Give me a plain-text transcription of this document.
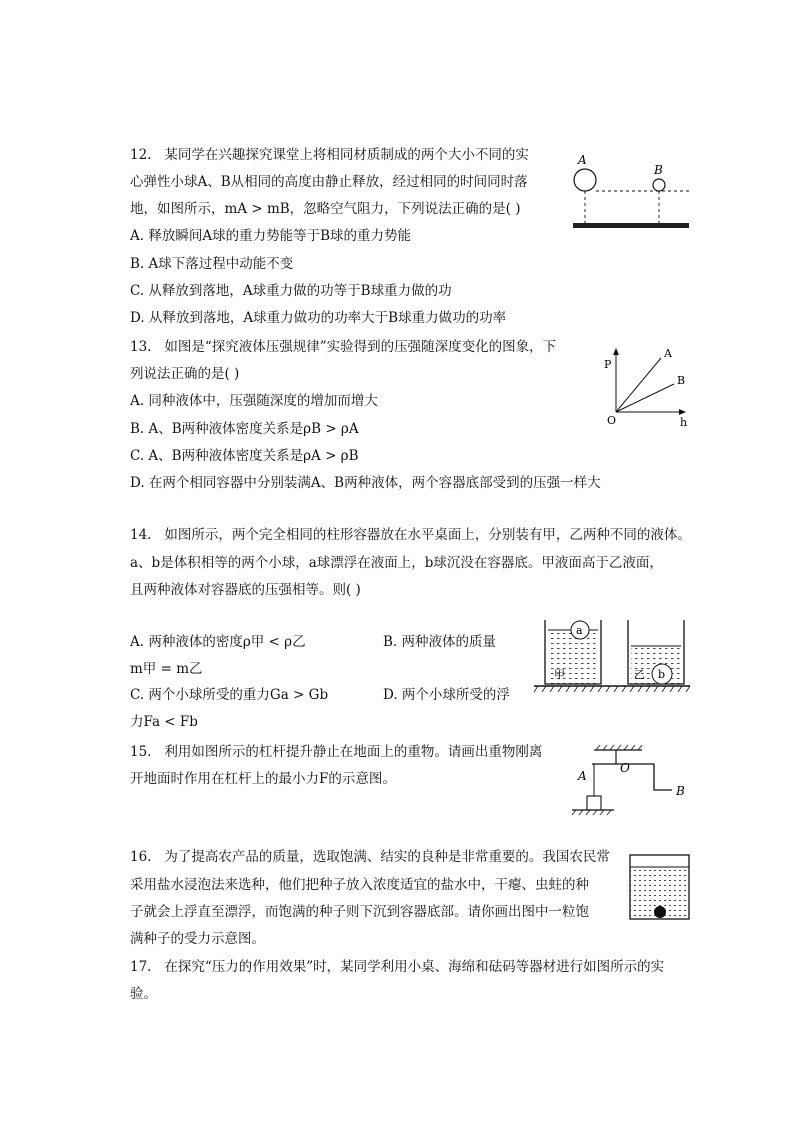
12. 某同学在兴趣探究课堂上将相同材质制成的两个大小不同的实
心弹性小球A、B从相同的高度由静止释放，经过相同的时间同时落
地，如图所示，mA > mB，忽略空气阻力，下列说法正确的是( )
A. 释放瞬间A球的重力势能等于B球的重力势能
B. A球下落过程中动能不变
C. 从释放到落地，A球重力做的功等于B球重力做的功
D. 从释放到落地，A球重力做功的功率大于B球重力做功的功率
A
B
13. 如图是“探究液体压强规律”实验得到的压强随深度变化的图象，下
列说法正确的是( )
A. 同种液体中，压强随深度的增加而增大
B. A、B两种液体密度关系是ρB > ρA
C. A、B两种液体密度关系是ρA > ρB
D. 在两个相同容器中分别装满A、B两种液体，两个容器底部受到的压强一样大
P
h
O
A
B
14. 如图所示，两个完全相同的柱形容器放在水平桌面上，分别装有甲，乙两种不同的液体。
a、b是体积相等的两个小球，a球漂浮在液面上，b球沉没在容器底。甲液面高于乙液面，
且两种液体对容器底的压强相等。则( )
A. 两种液体的密度ρ甲 < ρ乙	B. 两种液体的质量
m甲 = m乙
C. 两个小球所受的重力Ga > Gb	D. 两个小球所受的浮
力Fa < Fb
a
甲	b
乙
15. 利用如图所示的杠杆提升静止在地面上的重物。请画出重物刚离
开地面时作用在杠杆上的最小力F的示意图。
O
B
A
16. 为了提高农产品的质量，选取饱满、结实的良种是非常重要的。我国农民常
采用盐水浸泡法来选种，他们把种子放入浓度适宜的盐水中，干瘪、虫蛀的种
子就会上浮直至漂浮，而饱满的种子则下沉到容器底部。请你画出图中一粒饱
满种子的受力示意图。
17. 在探究“压力的作用效果”时，某同学利用小桌、海绵和砝码等器材进行如图所示的实
验。
